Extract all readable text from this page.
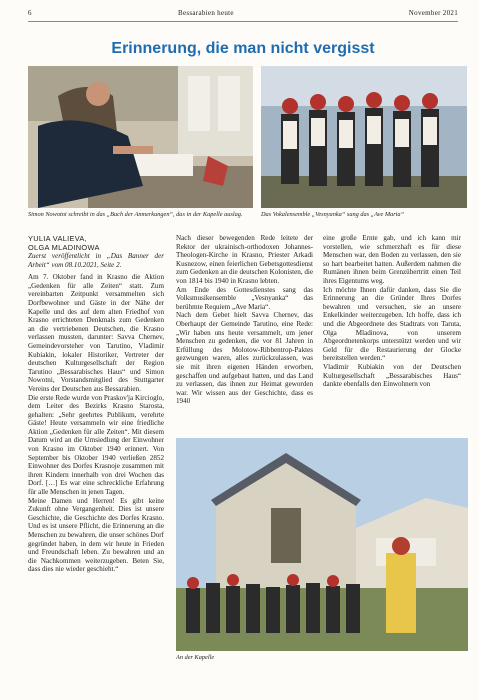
6	Bessarabien heute	November 2021
Erinnerung, die man nicht vergisst
Simon Nowotni schreibt in das „Buch der Anmerkungen“, das in der Kapelle auslag.	Das Vokalensemble „Vesnyanka“ sang das „Ave Maria“

YULIA VALIEVA,
OLGA MLADINOWA

Zuerst veröffentlicht in „Das Banner der Arbeit“ vom 08.10.2021, Seite 2.

Am 7. Oktober fand in Krasno die Aktion „Gedenken für alle Zeiten“ statt. Zum vereinbarten Zeitpunkt versammelten sich Dorfbewohner und Gäste in der Nähe der Kapelle und des auf dem alten Friedhof von Krasno errichteten Denkmals zum Gedenken an die vertriebenen Deutschen, die Krasno verlassen mussten, darunter: Savva Chernev, Gemeindevorsteher von Tarutino, Vladimir Kubiakin, lokaler Historiker, Vertreter der deutschen Kulturgesellschaft der Region Tarutino „Bessarabisches Haus“ und Simon Nowotni, Vorstandsmitglied des Stuttgarter Vereins der Deutschen aus Bessarabien.

Die erste Rede wurde von Praskov'ja Kircioglo, dem Leiter des Bezirks Krasno Starosta, gehalten: „Sehr geehrtes Publikum, verehrte Gäste! Heute versammeln wir eine friedliche Aktion „Gedenken für alle Zeiten“. Mit diesem Datum wird an die Umsiedlung der Einwohner von Krasno im Oktober 1940 erinnert. Von September bis Oktober 1940 verließen 2852 Einwohner des Dorfes Krasnoje zusammen mit ihren Kindern innerhalb von drei Wochen das Dorf. […] Es war eine schreckliche Erfahrung für alle Menschen in jenen Tagen.

Meine Damen und Herren! Es gibt keine Zukunft ohne Vergangenheit. Dies ist unsere Geschichte, die Geschichte des Dorfes Krasno. Und es ist unsere Pflicht, die Erinnerung an die Menschen zu bewahren, die unser schönes Dorf gegründet haben, in dem wir heute in Frieden und Freundschaft leben. Zu bewahren und an die Nachkommen weiterzugeben. Beten Sie, dass dies nie wieder geschieht.“

Nach dieser bewegenden Rede leitete der Rektor der ukrainisch-orthodoxen Johannes-Theologen-Kirche in Krasno, Priester Arkadi Kusnezow, einen feierlichen Gebetsgottesdienst zum Gedenken an die deutschen Kolonisten, die von 1814 bis 1940 in Krasno lebten.

Am Ende des Gottesdienstes sang das Volksmusikensemble „Vesnyanka“ das berühmte Requiem „Ave Maria“.

Nach dem Gebet hielt Savva Chernev, das Oberhaupt der Gemeinde Tarutino, eine Rede: „Wir haben uns heute versammelt, um jener Menschen zu gedenken, die vor 81 Jahren in Erfüllung des Molotow-Ribbentrop-Paktes gezwungen waren, alles zurückzulassen, was sie mit ihren eigenen Händen erworben, geschaffen und aufgebaut hatten, und das Land zu verlassen, das ihnen zur Heimat geworden war. Wir wissen aus der Geschichte, dass es 1940

eine große Ernte gab, und ich kann mir vorstellen, wie schmerzhaft es für diese Menschen war, den Boden zu verlassen, den sie so hart bearbeitet hatten. Außerdem nahmen die Rumänen ihnen beim Grenzübertritt einen Teil ihres Eigentums weg.

Ich möchte Ihnen dafür danken, dass Sie die Erinnerung an die Gründer Ihres Dorfes bewahren und versuchen, sie an unsere Enkelkinder weiterzugeben. Ich hoffe, dass ich und die Abgeordnete des Stadtrats von Taruta, Olga Mladinova, von unserem Abgeordnetenkorps unterstützt werden und wir Geld für die Restaurierung der Glocke bereitstellen werden.“

Vladimir Kubiakin von der Deutschen Kulturgesellschaft „Bessarabisches Haus“ dankte ebenfalls den Einwohnern von

An der Kapelle
